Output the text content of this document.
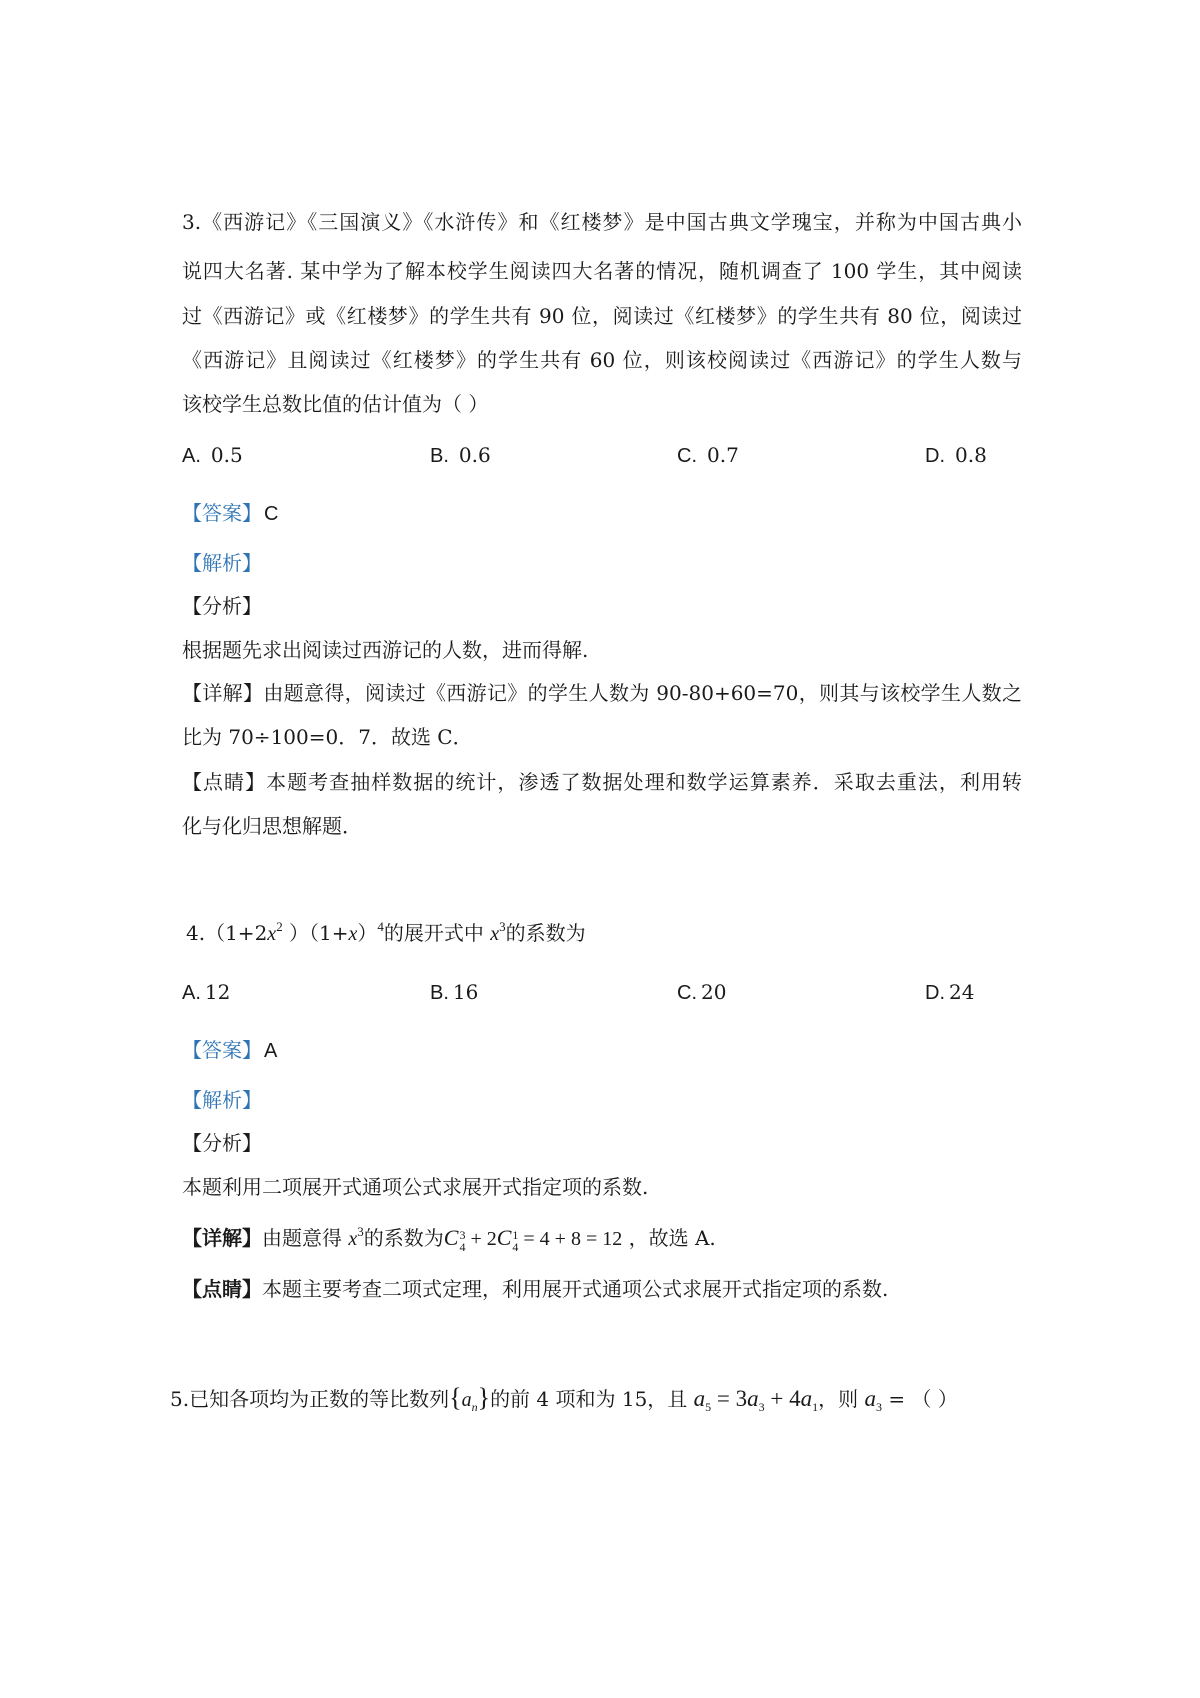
3.《西游记》《三国演义》《水浒传》和《红楼梦》是中国古典文学瑰宝，并称为中国古典小
说四大名著. 某中学为了解本校学生阅读四大名著的情况，随机调查了 100 学生，其中阅读
过《西游记》或《红楼梦》的学生共有 90 位，阅读过《红楼梦》的学生共有 80 位，阅读过
《西游记》且阅读过《红楼梦》的学生共有 60 位，则该校阅读过《西游记》的学生人数与
该校学生总数比值的估计值为（ ）
A. 0.5	B. 0.6	C. 0.7	D. 0.8
【答案】 C
【解析】
【分析】
根据题先求出阅读过西游记的人数，进而得解.
【详解】由题意得，阅读过《西游记》的学生人数为 90-80+60=70，则其与该校学生人数之
比为 70÷100=0．7．故选 C．
【点睛】本题考查抽样数据的统计，渗透了数据处理和数学运算素养．采取去重法，利用转
化与化归思想解题．
$4.(1+2x^2$ ）$(1+x)^4$的展开式中 $x^3$的系数为
A. 12	B. 16	C. 20	D. 24
【答案】 A
【解析】
【分析】
本题利用二项展开式通项公式求展开式指定项的系数.
【详解】由题意得 $x^3$的系数为C 3
4 + 2C 1
4 = 4 + 8 = 12 ，故选 A.
【点睛】本题主要考查二项式定理，利用展开式通项公式求展开式指定项的系数.
5.已知各项均为正数的等比数列$\{a_n\}$的前 4 项和为 15，且 $a_5 = 3a_3 + 4a_1$，则 $a_3$ = （ ）
